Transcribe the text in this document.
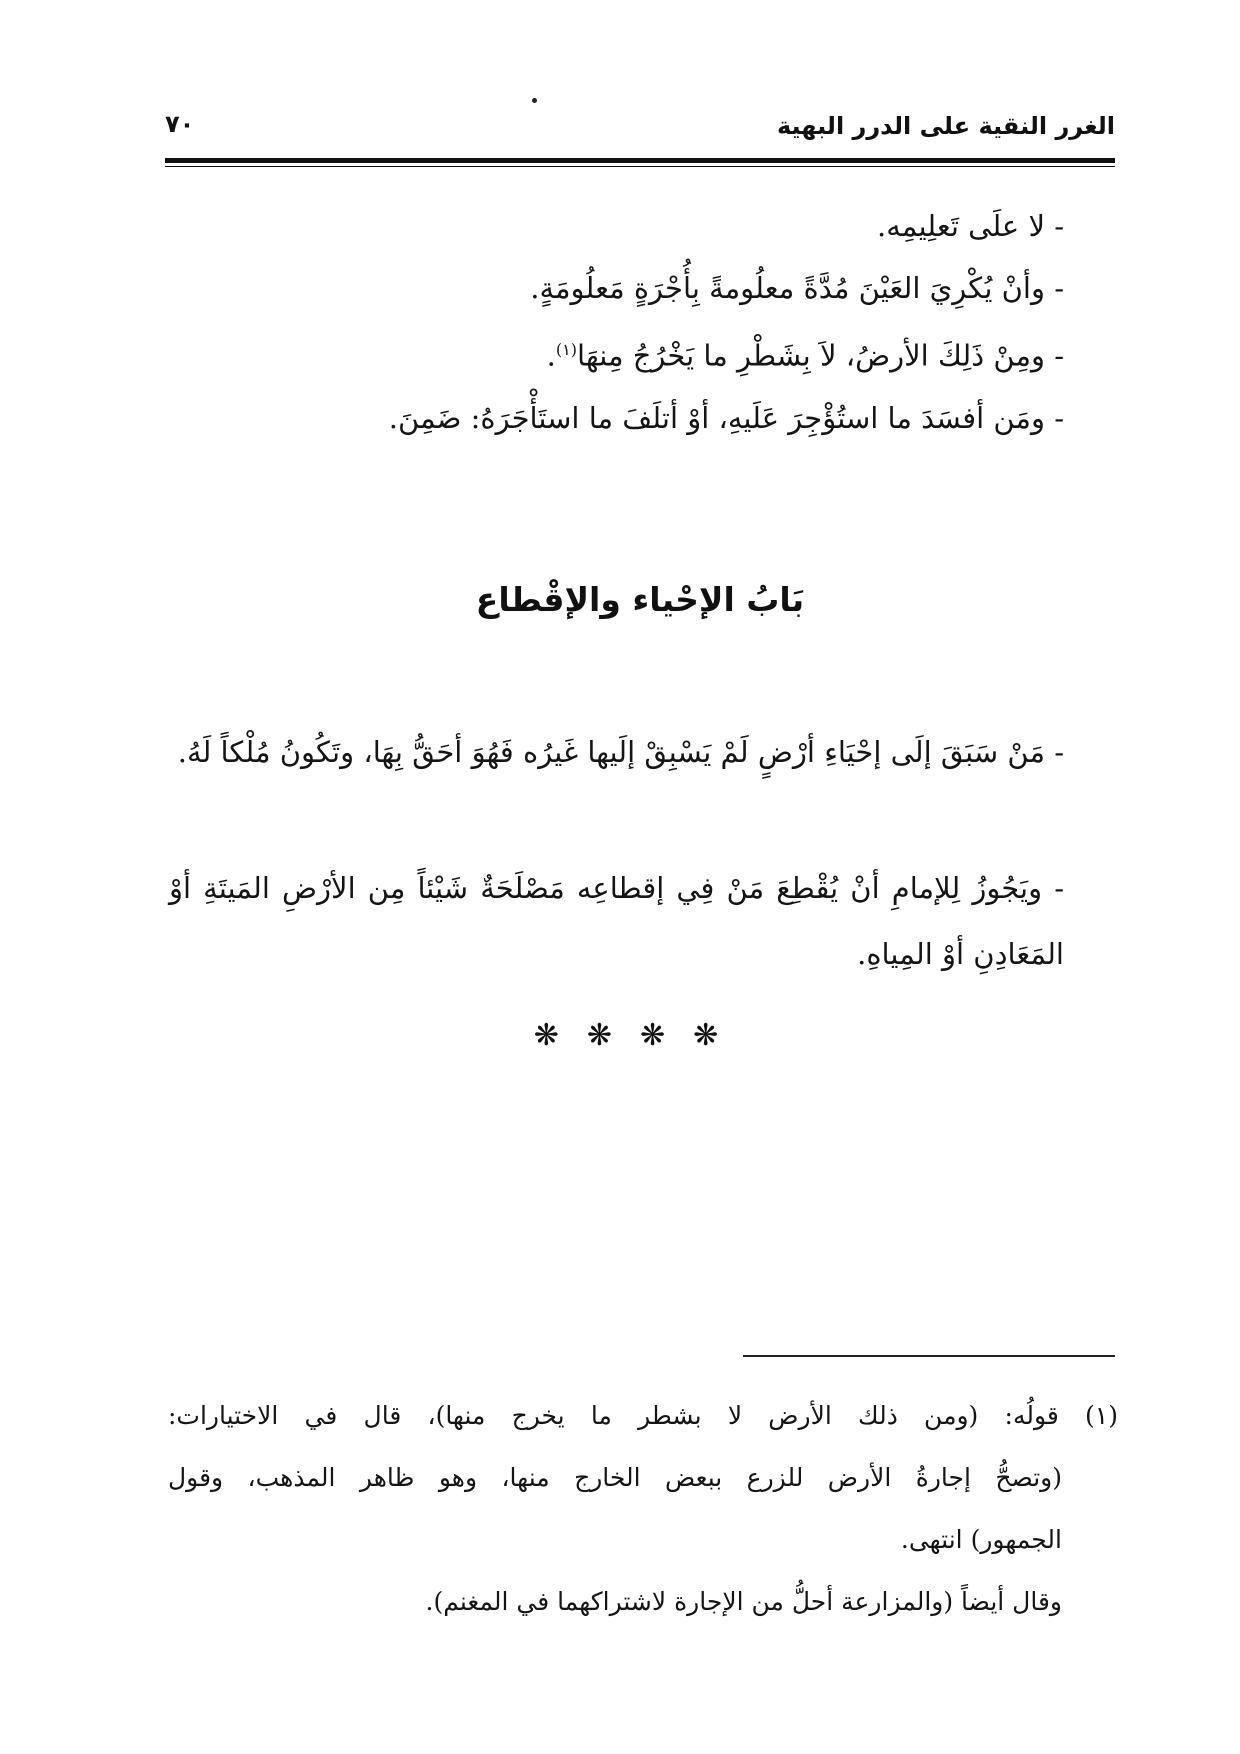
الغرر النقية على الدرر البهية
٧٠

- لا علَى تَعلِيمِه.

- وأنْ يُكْرِيَ العَيْنَ مُدَّةً معلُومةً بِأُجْرَةٍ مَعلُومَةٍ.

- ومِنْ ذَلِكَ الأرضُ، لاَ بِشَطْرِ ما يَخْرُجُ مِنهَا$^{(١)}$.

- ومَن أفسَدَ ما استُؤْجِرَ عَلَيهِ، أوْ أتلَفَ ما استَأْجَرَهُ: ضَمِنَ.

بَابُ الإحْياء والإقْطاع

- مَنْ سَبَقَ إلَى إحْيَاءِ أرْضٍ لَمْ يَسْبِقْ إلَيها غَيرُه فَهُوَ أحَقُّ بِهَا، وتَكُونُ مُلْكاً لَهُ.

- ويَجُوزُ لِلإمامِ أنْ يُقْطِعَ مَنْ فِي إقطاعِه مَصْلَحَةٌ شَيْئاً مِن الأرْضِ المَيتَةِ أوْ المَعَادِنِ أوْ المِياهِ.

❋❋❋❋

(١) قولُه: (ومن ذلك الأرض لا بشطر ما يخرج منها)، قال في الاختيارات:

(وتصحُّ إجارةُ الأرض للزرع ببعض الخارج منها، وهو ظاهر المذهب، وقول

الجمهور) انتهى.

وقال أيضاً (والمزارعة أحلُّ من الإجارة لاشتراكهما في المغنم).
